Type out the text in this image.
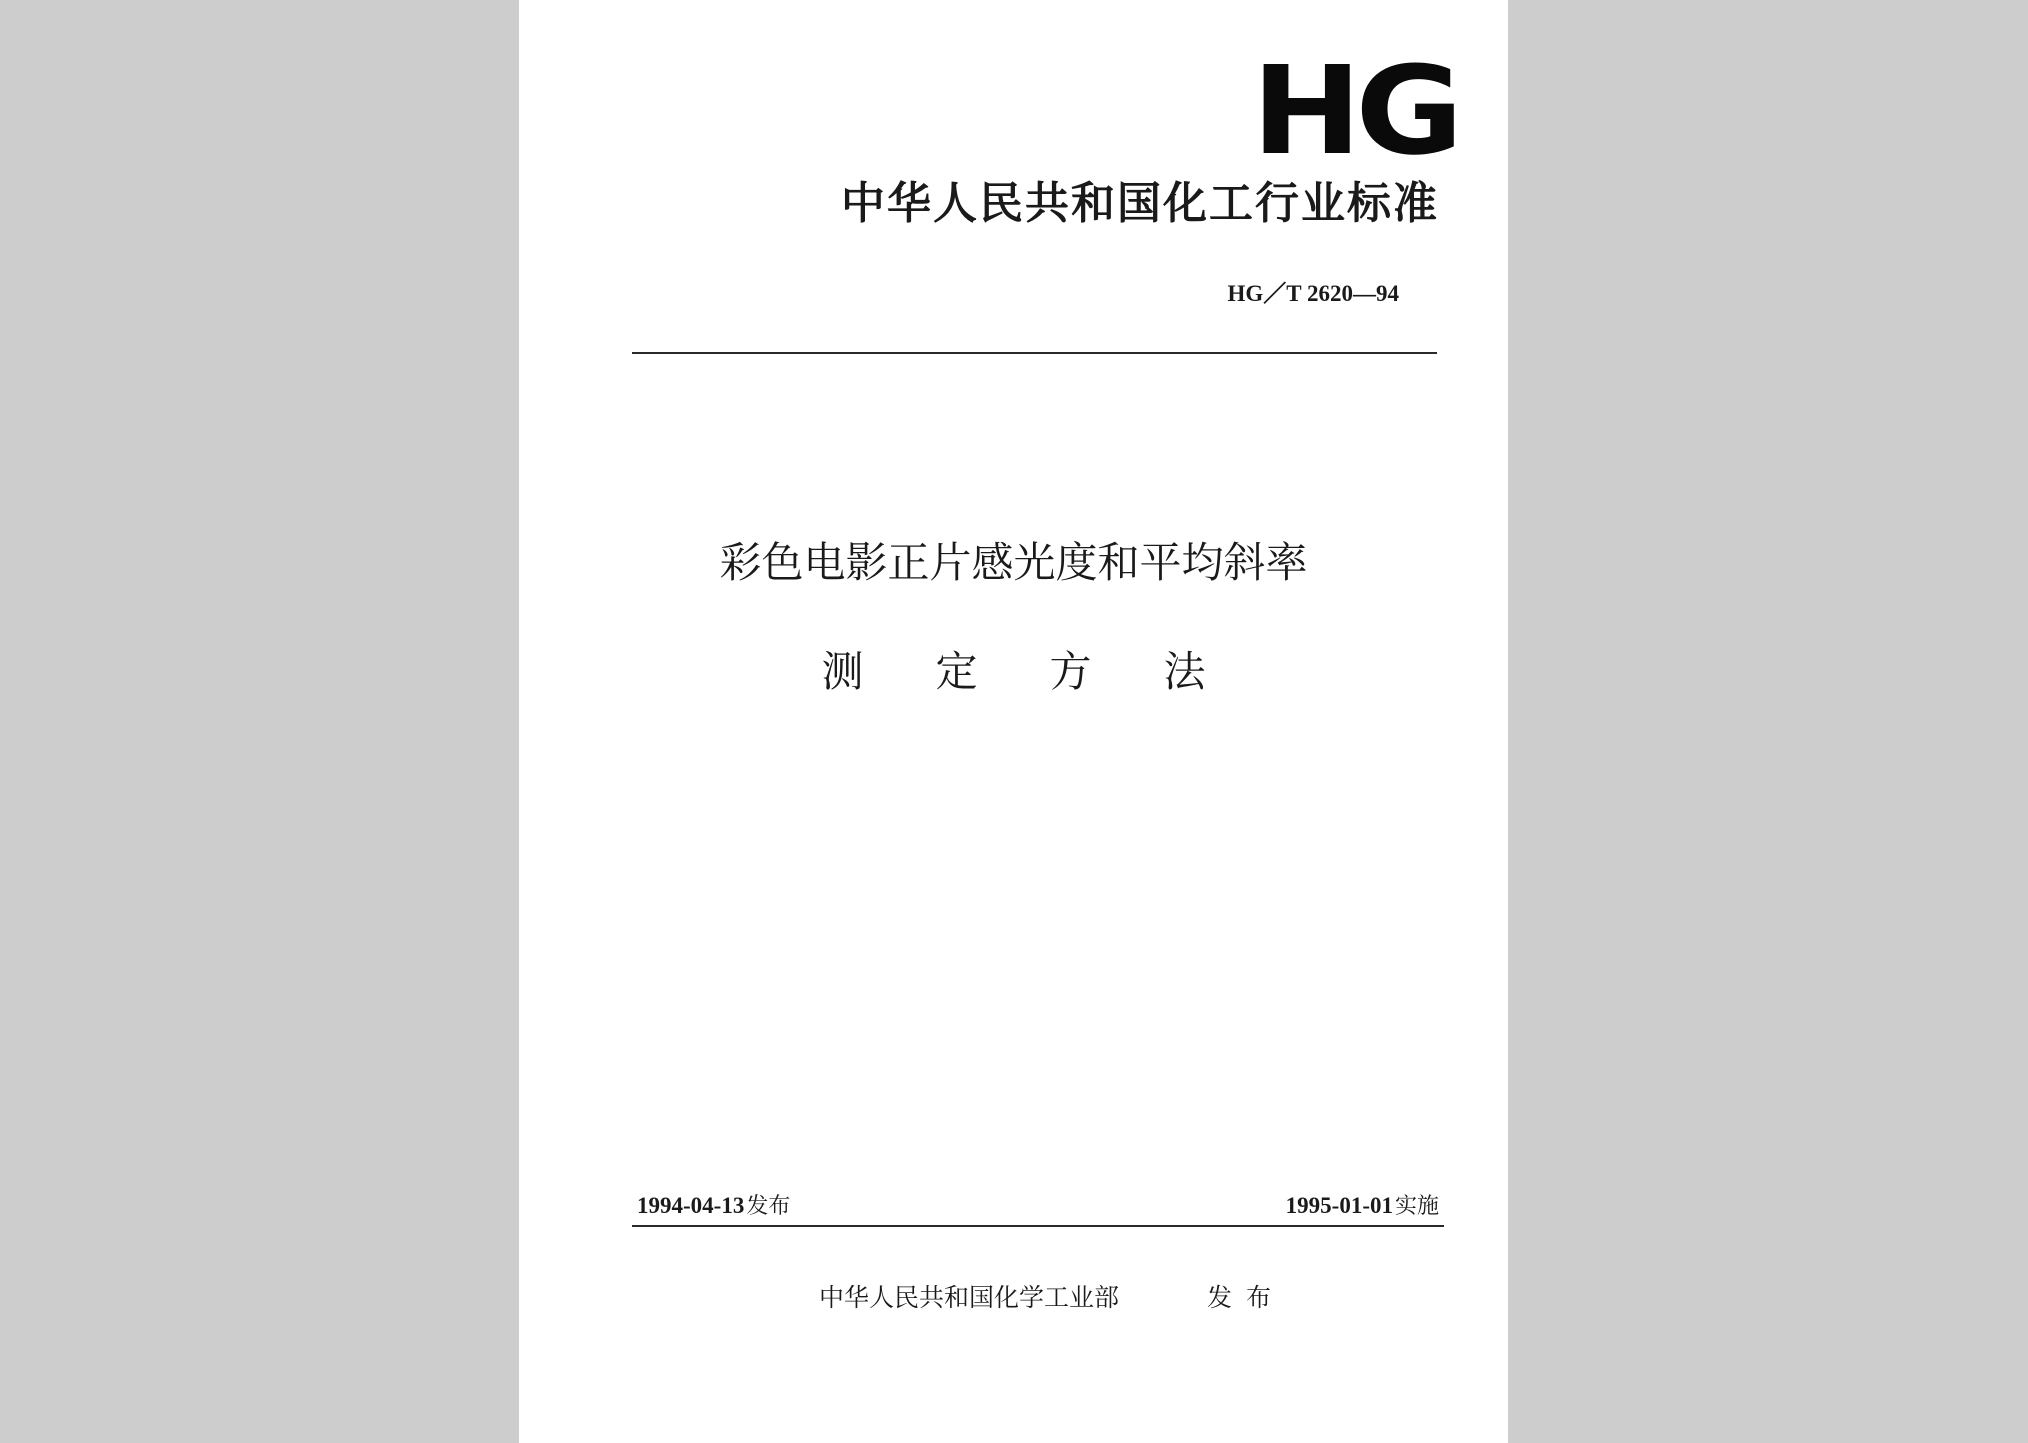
HG
中华人民共和国化工行业标准
HG／T 2620—94
彩色电影正片感光度和平均斜率
测定方法
1994-04-13发布	1995-01-01实施
中华人民共和国化学工业部	发布
